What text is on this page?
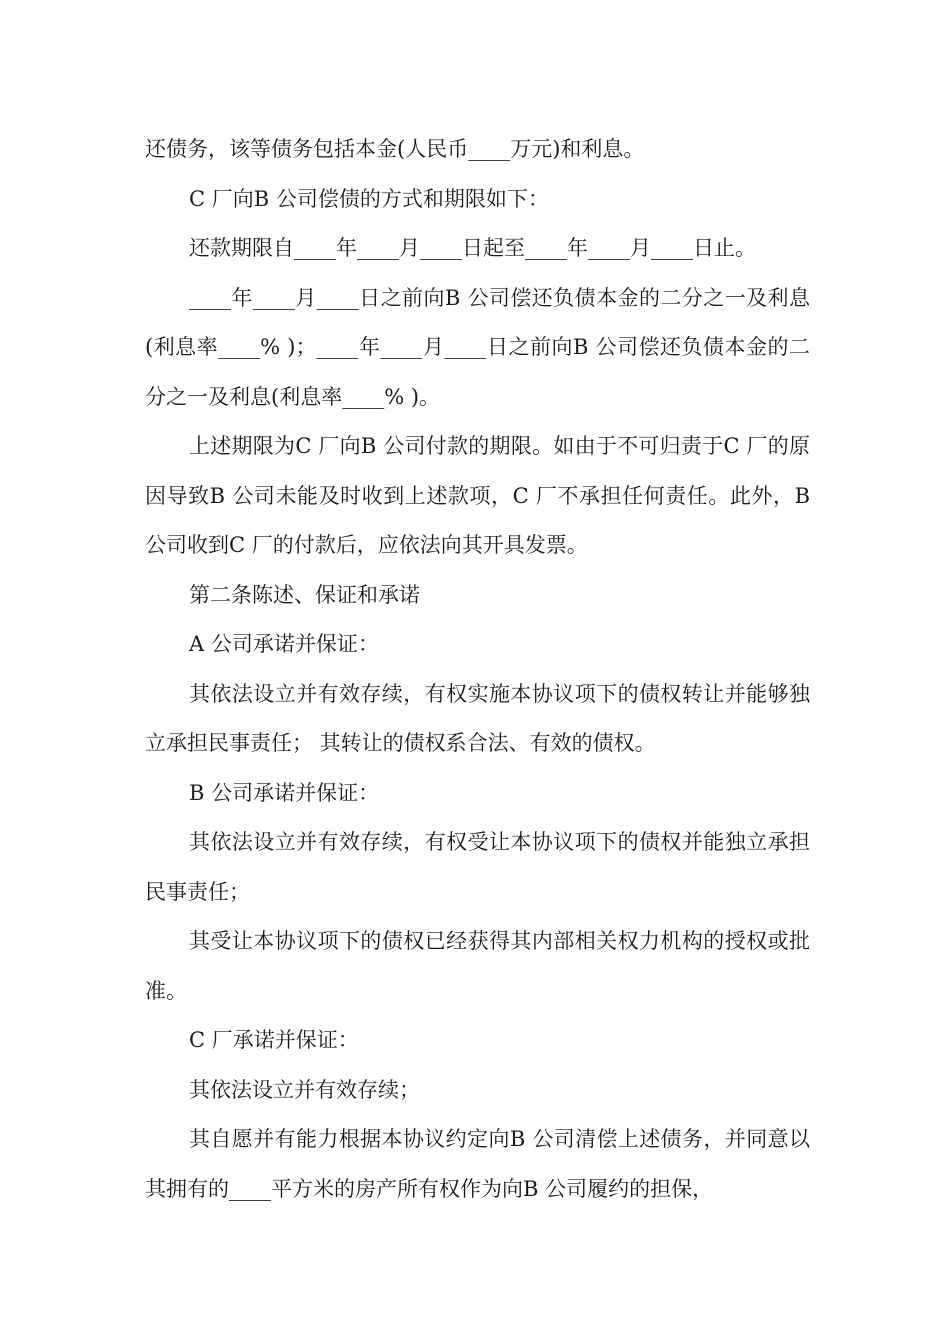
还债务，该等债务包括本金(人民币____万元)和利息。

C 厂向B 公司偿债的方式和期限如下：

还款期限自____年____月____日起至____年____月____日止。

____年____月____日之前向B 公司偿还负债本金的二分之一及利息(利息率____% )；____年____月____日之前向B 公司偿还负债本金的二分之一及利息(利息率____% )。

上述期限为C 厂向B 公司付款的期限。如由于不可归责于C 厂的原因导致B 公司未能及时收到上述款项，C 厂不承担任何责任。此外，B 公司收到C 厂的付款后，应依法向其开具发票。

第二条陈述、保证和承诺

A 公司承诺并保证：

其依法设立并有效存续，有权实施本协议项下的债权转让并能够独立承担民事责任； 其转让的债权系合法、有效的债权。

B 公司承诺并保证：

其依法设立并有效存续，有权受让本协议项下的债权并能独立承担民事责任；

其受让本协议项下的债权已经获得其内部相关权力机构的授权或批准。

C 厂承诺并保证：

其依法设立并有效存续；

其自愿并有能力根据本协议约定向B 公司清偿上述债务，并同意以其拥有的____平方米的房产所有权作为向B 公司履约的担保，
